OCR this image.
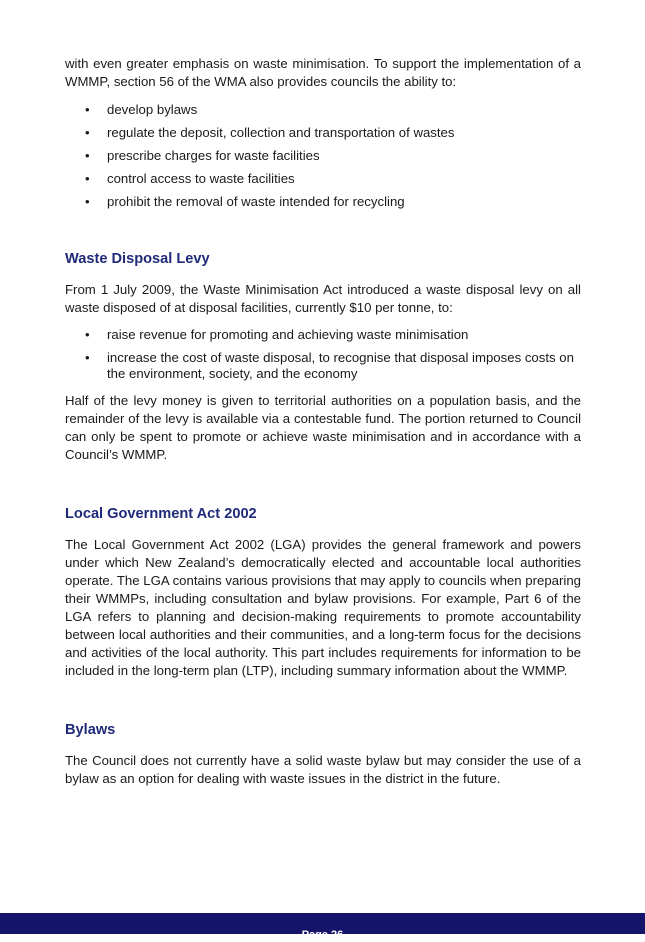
with even greater emphasis on waste minimisation. To support the implementation of a WMMP, section 56 of the WMA also provides councils the ability to:

• develop bylaws
• regulate the deposit, collection and transportation of wastes
• prescribe charges for waste facilities
• control access to waste facilities
• prohibit the removal of waste intended for recycling
Waste Disposal Levy

From 1 July 2009, the Waste Minimisation Act introduced a waste disposal levy on all waste disposed of at disposal facilities, currently $10 per tonne, to:

• raise revenue for promoting and achieving waste minimisation
• increase the cost of waste disposal, to recognise that disposal imposes costs on the environment, society, and the economy

Half of the levy money is given to territorial authorities on a population basis, and the remainder of the levy is available via a contestable fund. The portion returned to Council can only be spent to promote or achieve waste minimisation and in accordance with a Council’s WMMP.

Local Government Act 2002

The Local Government Act 2002 (LGA) provides the general framework and powers under which New Zealand’s democratically elected and accountable local authorities operate. The LGA contains various provisions that may apply to councils when preparing their WMMPs, including consultation and bylaw provisions. For example, Part 6 of the LGA refers to planning and decision-making requirements to promote accountability between local authorities and their communities, and a long-term focus for the decisions and activities of the local authority. This part includes requirements for information to be included in the long-term plan (LTP), including summary information about the WMMP.

Bylaws

The Council does not currently have a solid waste bylaw but may consider the use of a bylaw as an option for dealing with waste issues in the district in the future.

Page 26
